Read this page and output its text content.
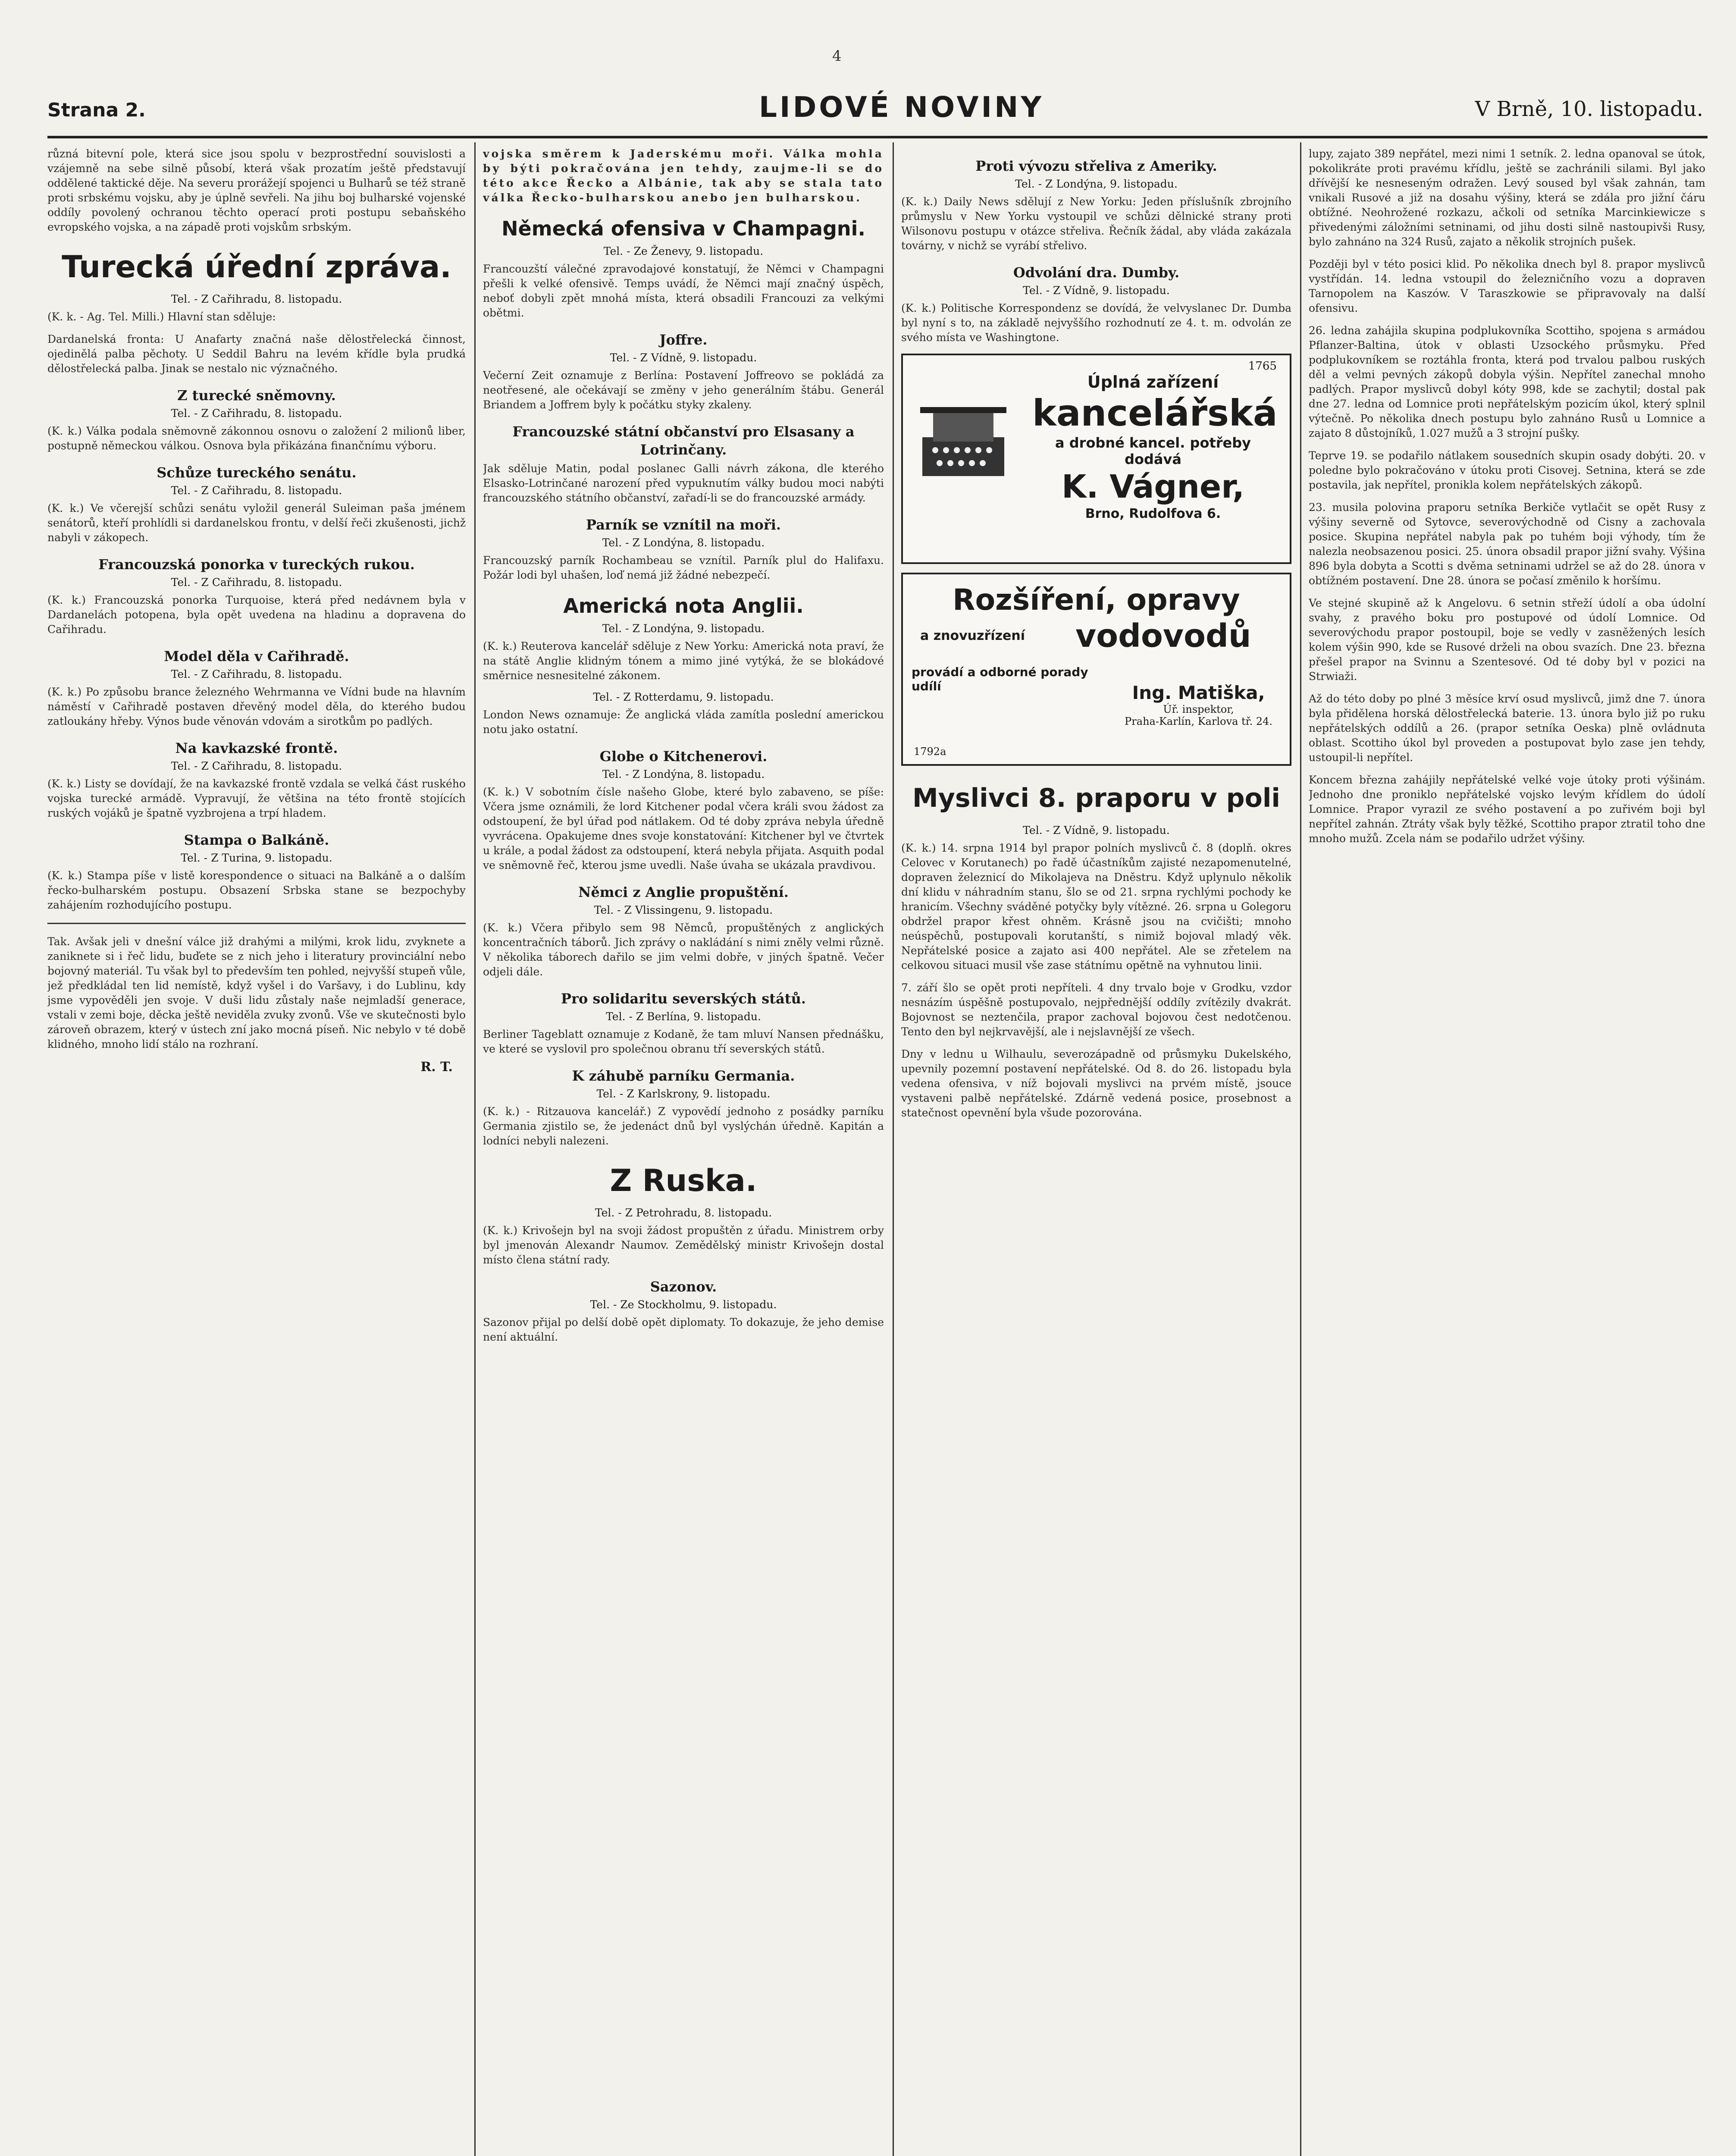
4
Strana 2.	LIDOVÉ NOVINY	V Brně, 10. listopadu.

různá bitevní pole, která sice jsou spolu v bezprostřední souvislosti a vzájemně na sebe silně působí, která však prozatím ještě představují oddělené taktické děje. Na severu prorážejí spojenci u Bulharů se též straně proti srbskému vojsku, aby je úplně sevřeli. Na jihu boj bulharské vojenské oddíly povolený ochranou těchto operací proti postupu sebaňského evropského vojska, a na západě proti vojskům srbským.

Turecká úřední zpráva.
Tel. - Z Cařihradu, 8. listopadu.

(K. k. - Ag. Tel. Milli.) Hlavní stan sděluje:

Dardanelská fronta: U Anafarty značná naše dělostřelecká činnost, ojedinělá palba pěchoty. U Seddil Bahru na levém křídle byla prudká dělostřelecká palba. Jinak se nestalo nic význačného.

Z turecké sněmovny.
Tel. - Z Cařihradu, 8. listopadu.

(K. k.) Válka podala sněmovně zákonnou osnovu o založení 2 milionů liber, postupně německou válkou. Osnova byla přikázána finančnímu výboru.

Schůze tureckého senátu.
Tel. - Z Cařihradu, 8. listopadu.

(K. k.) Ve včerejší schůzi senátu vyložil generál Suleiman paša jménem senátorů, kteří prohlídli si dardanelskou frontu, v delší řeči zkušenosti, jichž nabyli v zákopech.

Francouzská ponorka v tureckých rukou.
Tel. - Z Cařihradu, 8. listopadu.

(K. k.) Francouzská ponorka Turquoise, která před nedávnem byla v Dardanelách potopena, byla opět uvedena na hladinu a dopravena do Cařihradu.

Model děla v Cařihradě.
Tel. - Z Cařihradu, 8. listopadu.

(K. k.) Po způsobu brance železného Wehrmanna ve Vídni bude na hlavním náměstí v Cařihradě postaven dřevěný model děla, do kterého budou zatloukány hřeby. Výnos bude věnován vdovám a sirotkům po padlých.

Na kavkazské frontě.
Tel. - Z Cařihradu, 8. listopadu.

(K. k.) Listy se dovídají, že na kavkazské frontě vzdala se velká část ruského vojska turecké armádě. Vypravují, že většina na této frontě stojících ruských vojáků je špatně vyzbrojena a trpí hladem.

Stampa o Balkáně.
Tel. - Z Turina, 9. listopadu.

(K. k.) Stampa píše v listě korespondence o situaci na Balkáně a o dalším řecko-bulharském postupu. Obsazení Srbska stane se bezpochyby zahájením rozhodujícího postupu.

Tak. Avšak jeli v dnešní válce již drahými a milými, krok lidu, zvyknete a zaniknete si i řeč lidu, buďete se z nich jeho i literatury provinciální nebo bojovný materiál. Tu však byl to především ten pohled, nejvyšší stupeň vůle, jež předkládal ten lid nemístě, když vyšel i do Varšavy, i do Lublinu, kdy jsme vypověděli jen svoje. V duši lidu zůstaly naše nejmladší generace, vstali v zemi boje, děcka ještě neviděla zvuky zvonů. Vše ve skutečnosti bylo zároveň obrazem, který v ústech zní jako mocná píseň. Nic nebylo v té době klidného, mnoho lidí stálo na rozhraní.

R. T.

vojska směrem k Jaderskému moři. Válka mohla by býti pokračována jen tehdy, zaujme-li se do této akce Řecko a Albánie, tak aby se stala tato válka Řecko-bulharskou anebo jen bulharskou.

Německá ofensiva v Champagni.
Tel. - Ze Ženevy, 9. listopadu.

Francouzští válečné zpravodajové konstatují, že Němci v Champagni přešli k velké ofensivě. Temps uvádí, že Němci mají značný úspěch, neboť dobyli zpět mnohá místa, která obsadili Francouzi za velkými obětmi.

Joffre.
Tel. - Z Vídně, 9. listopadu.

Večerní Zeit oznamuje z Berlína: Postavení Joffreovo se pokládá za neotřesené, ale očekávají se změny v jeho generálním štábu. Generál Briandem a Joffrem byly k počátku styky zkaleny.

Francouzské státní občanství pro Elsasany a Lotrinčany.

Jak sděluje Matin, podal poslanec Galli návrh zákona, dle kterého Elsasko-Lotrinčané narození před vypuknutím války budou moci nabýti francouzského státního občanství, zařadí-li se do francouzské armády.

Parník se vznítil na moři.
Tel. - Z Londýna, 8. listopadu.

Francouzský parník Rochambeau se vznítil. Parník plul do Halifaxu. Požár lodi byl uhašen, loď nemá již žádné nebezpečí.

Americká nota Anglii.
Tel. - Z Londýna, 9. listopadu.

(K. k.) Reuterova kancelář sděluje z New Yorku: Americká nota praví, že na státě Anglie klidným tónem a mimo jiné vytýká, že se blokádové směrnice nesnesitelné zákonem.

Tel. - Z Rotterdamu, 9. listopadu.

London News oznamuje: Že anglická vláda zamítla poslední americkou notu jako ostatní.

Globe o Kitchenerovi.
Tel. - Z Londýna, 8. listopadu.

(K. k.) V sobotním čísle našeho Globe, které bylo zabaveno, se píše: Včera jsme oznámili, že lord Kitchener podal včera králi svou žádost za odstoupení, že byl úřad pod nátlakem. Od té doby zpráva nebyla úředně vyvrácena. Opakujeme dnes svoje konstatování: Kitchener byl ve čtvrtek u krále, a podal žádost za odstoupení, která nebyla přijata. Asquith podal ve sněmovně řeč, kterou jsme uvedli. Naše úvaha se ukázala pravdivou.

Němci z Anglie propuštění.
Tel. - Z Vlissingenu, 9. listopadu.

(K. k.) Včera přibylo sem 98 Němců, propuštěných z anglických koncentračních táborů. Jich zprávy o nakládání s nimi zněly velmi různě. V několika táborech dařilo se jim velmi dobře, v jiných špatně. Večer odjeli dále.

Pro solidaritu severských států.
Tel. - Z Berlína, 9. listopadu.

Berliner Tageblatt oznamuje z Kodaně, že tam mluví Nansen přednášku, ve které se vyslovil pro společnou obranu tří severských států.

K záhubě parníku Germania.
Tel. - Z Karlskrony, 9. listopadu.

(K. k.) - Ritzauova kancelář.) Z vypovědí jednoho z posádky parníku Germania zjistilo se, že jedenáct dnů byl vyslýchán úředně. Kapitán a lodníci nebyli nalezeni.

Z Ruska.
Tel. - Z Petrohradu, 8. listopadu.

(K. k.) Krivošejn byl na svoji žádost propuštěn z úřadu. Ministrem orby byl jmenován Alexandr Naumov. Zemědělský ministr Krivošejn dostal místo člena státní rady.

Sazonov.
Tel. - Ze Stockholmu, 9. listopadu.

Sazonov přijal po delší době opět diplomaty. To dokazuje, že jeho demise není aktuální.

Proti vývozu střeliva z Ameriky.
Tel. - Z Londýna, 9. listopadu.

(K. k.) Daily News sdělují z New Yorku: Jeden příslušník zbrojního průmyslu v New Yorku vystoupil ve schůzi dělnické strany proti Wilsonovu postupu v otázce střeliva. Řečník žádal, aby vláda zakázala továrny, v nichž se vyrábí střelivo.

Odvolání dra. Dumby.
Tel. - Z Vídně, 9. listopadu.

(K. k.) Politische Korrespondenz se dovídá, že velvyslanec Dr. Dumba byl nyní s to, na základě nejvyššího rozhodnutí ze 4. t. m. odvolán ze svého místa ve Washingtone.

1765
Úplná zařízení
kancelářská
a drobné kancel. potřeby dodává
K. Vágner,
Brno, Rudolfova 6.
Rozšíření, opravy
a znovuzřízení vodovodů
provádí a odborné porady udílí	Ing. Matiška,
Úř. inspektor,
Praha-Karlín, Karlova tř. 24.
1792a
Myslivci 8. praporu v poli
Tel. - Z Vídně, 9. listopadu.

(K. k.) 14. srpna 1914 byl prapor polních myslivců č. 8 (doplň. okres Celovec v Korutanech) po řadě účastníkům zajisté nezapomenutelné, dopraven železnicí do Mikolajeva na Dněstru. Když uplynulo několik dní klidu v náhradním stanu, šlo se od 21. srpna rychlými pochody ke hranicím. Všechny sváděné potyčky byly vítězné. 26. srpna u Golegoru obdržel prapor křest ohněm. Krásně jsou na cvičišti; mnoho neúspěchů, postupovali korutanští, s nimiž bojoval mladý věk. Nepřátelské posice a zajato asi 400 nepřátel. Ale se zřetelem na celkovou situaci musil vše zase státnímu opětně na vyhnutou linii.

7. září šlo se opět proti nepříteli. 4 dny trvalo boje v Grodku, vzdor nesnázím úspěšně postupovalo, nejpřednější oddíly zvítězily dvakrát. Bojovnost se neztenčila, prapor zachoval bojovou čest nedotčenou. Tento den byl nejkrvavější, ale i nejslavnější ze všech.

Dny v lednu u Wilhaulu, severozápadně od průsmyku Dukelského, upevnily pozemní postavení nepřátelské. Od 8. do 26. listopadu byla vedena ofensiva, v níž bojovali myslivci na prvém místě, jsouce vystaveni palbě nepřátelské. Zdárně vedená posice, prosebnost a statečnost opevnění byla všude pozorována.

lupy, zajato 389 nepřátel, mezi nimi 1 setník. 2. ledna opanoval se útok, pokolikráte proti pravému křídlu, ještě se zachránili silami. Byl jako dřívější ke nesneseným odražen. Levý soused byl však zahnán, tam vnikali Rusové a již na dosahu výšiny, která se zdála pro jižní čáru obtížné. Neohrožené rozkazu, ačkoli od setníka Marcinkiewicze s přivedenými záložními setninami, od jihu dosti silně nastoupivši Rusy, bylo zahnáno na 324 Rusů, zajato a několik strojních pušek.

Později byl v této posici klid. Po několika dnech byl 8. prapor myslivců vystřídán. 14. ledna vstoupil do železničního vozu a dopraven Tarnopolem na Kaszów. V Taraszkowie se připravovaly na další ofensivu.

26. ledna zahájila skupina podplukovníka Scottiho, spojena s armádou Pflanzer-Baltina, útok v oblasti Uzsockého průsmyku. Před podplukovníkem se roztáhla fronta, která pod trvalou palbou ruských děl a velmi pevných zákopů dobyla výšin. Nepřítel zanechal mnoho padlých. Prapor myslivců dobyl kóty 998, kde se zachytil; dostal pak dne 27. ledna od Lomnice proti nepřátelským pozicím úkol, který splnil výtečně. Po několika dnech postupu bylo zahnáno Rusů u Lomnice a zajato 8 důstojníků, 1.027 mužů a 3 strojní pušky.

Teprve 19. se podařilo nátlakem sousedních skupin osady dobýti. 20. v poledne bylo pokračováno v útoku proti Cisovej. Setnina, která se zde postavila, jak nepřítel, pronikla kolem nepřátelských zákopů.

23. musila polovina praporu setníka Berkiče vytlačit se opět Rusy z výšiny severně od Sytovce, severovýchodně od Cisny a zachovala posice. Skupina nepřátel nabyla pak po tuhém boji výhody, tím že nalezla neobsazenou posici. 25. února obsadil prapor jižní svahy. Výšina 896 byla dobyta a Scotti s dvěma setninami udržel se až do 28. února v obtížném postavení. Dne 28. února se počasí změnilo k horšímu.

Ve stejné skupině až k Angelovu. 6 setnin střeží údolí a oba údolní svahy, z pravého boku pro postupové od údolí Lomnice. Od severovýchodu prapor postoupil, boje se vedly v zasněžených lesích kolem výšin 990, kde se Rusové drželi na obou svazích. Dne 23. března přešel prapor na Svinnu a Szentesové. Od té doby byl v pozici na Strwiaži.

Až do této doby po plné 3 měsíce krví osud myslivců, jimž dne 7. února byla přidělena horská dělostřelecká baterie. 13. února bylo již po ruku nepřátelských oddílů a 26. (prapor setníka Oeska) plně ovládnuta oblast. Scottiho úkol byl proveden a postupovat bylo zase jen tehdy, ustoupil-li nepřítel.

Koncem března zahájily nepřátelské velké voje útoky proti výšinám. Jednoho dne proniklo nepřátelské vojsko levým křídlem do údolí Lomnice. Prapor vyrazil ze svého postavení a po zuřivém boji byl nepřítel zahnán. Ztráty však byly těžké, Scottiho prapor ztratil toho dne mnoho mužů. Zcela nám se podařilo udržet výšiny.
